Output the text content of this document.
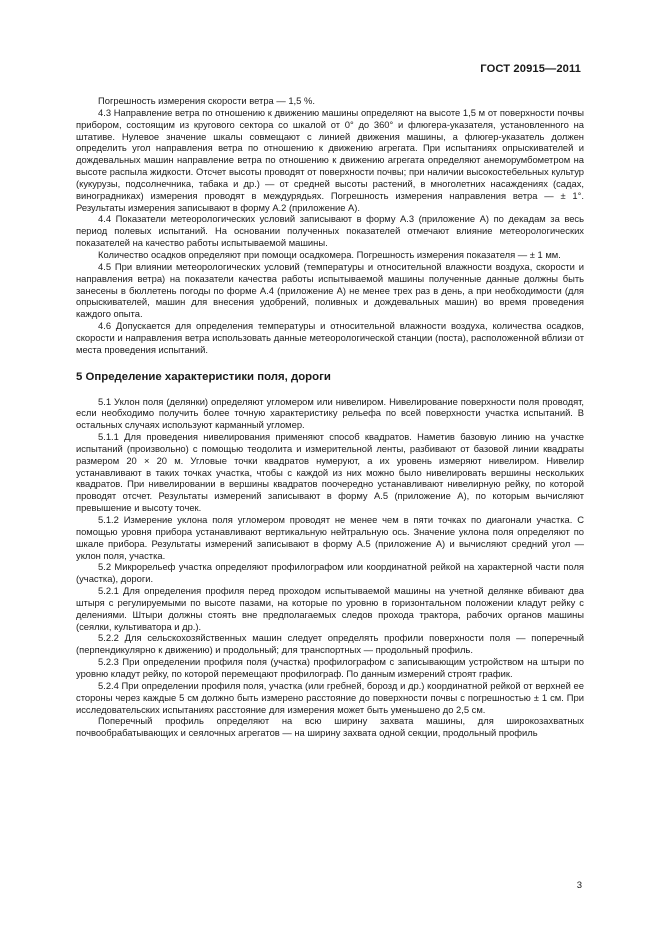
ГОСТ 20915—2011

Погрешность измерения скорости ветра — 1,5 %.

4.3 Направление ветра по отношению к движению машины определяют на высоте 1,5 м от поверхности почвы прибором, состоящим из кругового сектора со шкалой от 0° до 360° и флюгера-указателя, установленного на штативе. Нулевое значение шкалы совмещают с линией движения машины, а флюгер-указатель должен определить угол направления ветра по отношению к движению агрегата. При испытаниях опрыскивателей и дождевальных машин направление ветра по отношению к движению агрегата определяют анеморумбометром на высоте распыла жидкости. Отсчет высоты проводят от поверхности почвы; при наличии высокостебельных культур (кукурузы, подсолнечника, табака и др.) — от средней высоты растений, в многолетних насаждениях (садах, виноградниках) измерения проводят в междурядьях. Погрешность измерения направления ветра — ± 1°. Результаты измерения записывают в форму А.2 (приложение А).

4.4 Показатели метеорологических условий записывают в форму А.3 (приложение А) по декадам за весь период полевых испытаний. На основании полученных показателей отмечают влияние метеорологических показателей на качество работы испытываемой машины.

Количество осадков определяют при помощи осадкомера. Погрешность измерения показателя — ± 1 мм.

4.5 При влиянии метеорологических условий (температуры и относительной влажности воздуха, скорости и направления ветра) на показатели качества работы испытываемой машины полученные данные должны быть занесены в бюллетень погоды по форме А.4 (приложение А) не менее трех раз в день, а при необходимости (для опрыскивателей, машин для внесения удобрений, поливных и дождевальных машин) во время проведения каждого опыта.

4.6 Допускается для определения температуры и относительной влажности воздуха, количества осадков, скорости и направления ветра использовать данные метеорологической станции (поста), расположенной вблизи от места проведения испытаний.

5 Определение характеристики поля, дороги

5.1 Уклон поля (делянки) определяют угломером или нивелиром. Нивелирование поверхности поля проводят, если необходимо получить более точную характеристику рельефа по всей поверхности участка испытаний. В остальных случаях используют карманный угломер.

5.1.1 Для проведения нивелирования применяют способ квадратов. Наметив базовую линию на участке испытаний (произвольно) с помощью теодолита и измерительной ленты, разбивают от базовой линии квадраты размером 20 × 20 м. Угловые точки квадратов нумеруют, а их уровень измеряют нивелиром. Нивелир устанавливают в таких точках участка, чтобы с каждой из них можно было нивелировать вершины нескольких квадратов. При нивелировании в вершины квадратов поочередно устанавливают нивелирную рейку, по которой проводят отсчет. Результаты измерений записывают в форму А.5 (приложение А), по которым вычисляют превышение и высоту точек.

5.1.2 Измерение уклона поля угломером проводят не менее чем в пяти точках по диагонали участка. С помощью уровня прибора устанавливают вертикальную нейтральную ось. Значение уклона поля определяют по шкале прибора. Результаты измерений записывают в форму А.5 (приложение А) и вычисляют средний угол — уклон поля, участка.

5.2 Микрорельеф участка определяют профилографом или координатной рейкой на характерной части поля (участка), дороги.

5.2.1 Для определения профиля перед проходом испытываемой машины на учетной делянке вбивают два штыря с регулируемыми по высоте пазами, на которые по уровню в горизонтальном положении кладут рейку с делениями. Штыри должны стоять вне предполагаемых следов прохода трактора, рабочих органов машины (сеялки, культиватора и др.).

5.2.2 Для сельскохозяйственных машин следует определять профили поверхности поля — поперечный (перпендикулярно к движению) и продольный; для транспортных — продольный профиль.

5.2.3 При определении профиля поля (участка) профилографом с записывающим устройством на штыри по уровню кладут рейку, по которой перемещают профилограф. По данным измерений строят график.

5.2.4 При определении профиля поля, участка (или гребней, борозд и др.) координатной рейкой от верхней ее стороны через каждые 5 см должно быть измерено расстояние до поверхности почвы с погрешностью ± 1 см. При исследовательских испытаниях расстояние для измерения может быть уменьшено до 2,5 см.

Поперечный профиль определяют на всю ширину захвата машины, для широкозахватных почвообрабатывающих и сеялочных агрегатов — на ширину захвата одной секции, продольный профиль

3
